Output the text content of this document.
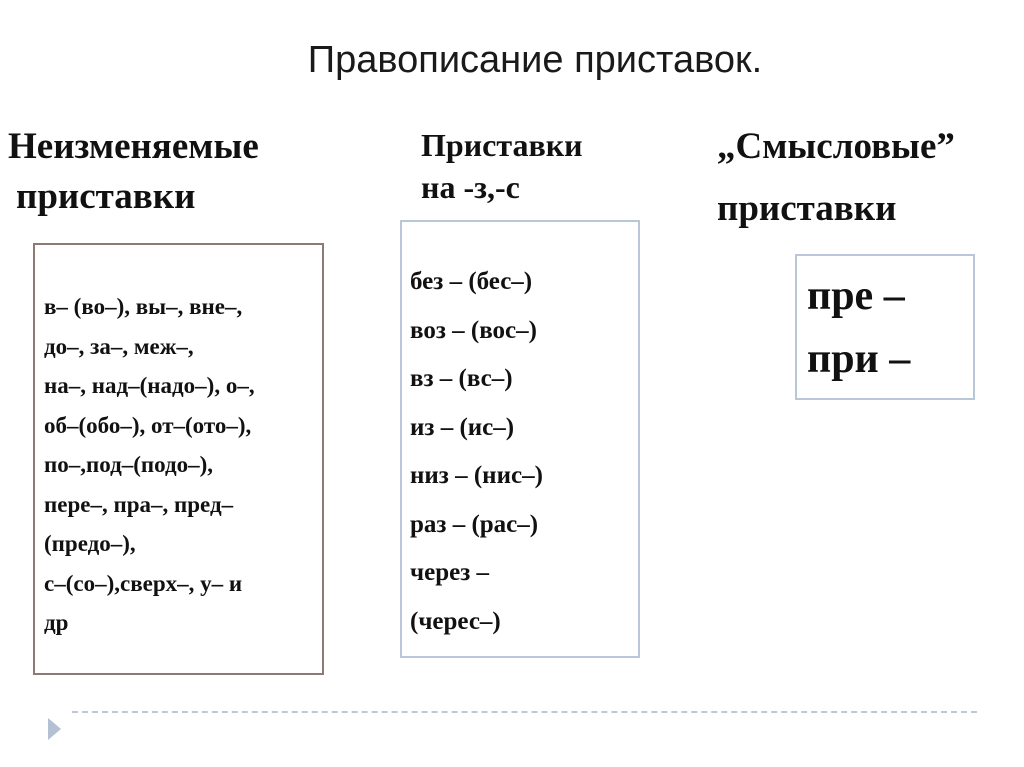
Правописание приставок.
Неизменяемые
приставки
Приставки
на -з,-с
„Смысловые”
приставки
в– (во–), вы–, вне–,
до–, за–, меж–,
на–, над–(надо–), о–,
об–(обо–), от–(ото–),
по–,под–(подо–),
пере–, пра–, пред–
(предо–),
с–(со–),сверх–, у– и
др
без – (бес–)
воз – (вос–)
вз – (вс–)
из – (ис–)
низ – (нис–)
раз – (рас–)
через –
(черес–)
пре –
при –
